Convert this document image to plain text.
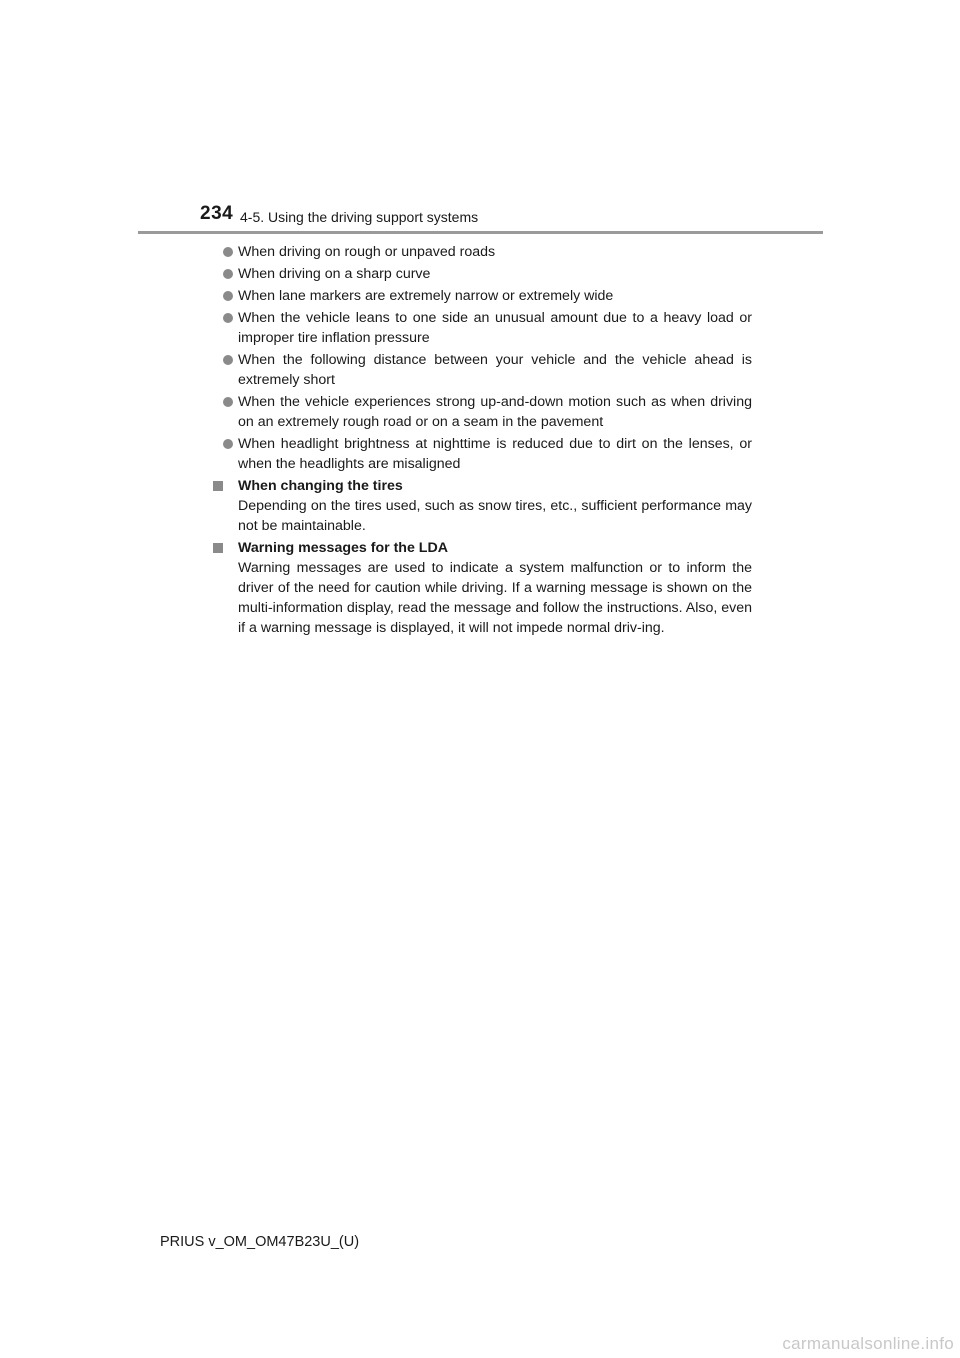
234 4-5. Using the driving support systems
When driving on rough or unpaved roads
When driving on a sharp curve
When lane markers are extremely narrow or extremely wide
When the vehicle leans to one side an unusual amount due to a heavy load or improper tire inflation pressure
When the following distance between your vehicle and the vehicle ahead is extremely short
When the vehicle experiences strong up-and-down motion such as when driving on an extremely rough road or on a seam in the pavement
When headlight brightness at nighttime is reduced due to dirt on the lenses, or when the headlights are misaligned
When changing the tires
Depending on the tires used, such as snow tires, etc., sufficient performance may not be maintainable.
Warning messages for the LDA
Warning messages are used to indicate a system malfunction or to inform the driver of the need for caution while driving. If a warning message is shown on the multi-information display, read the message and follow the instructions. Also, even if a warning message is displayed, it will not impede normal driv-ing.
PRIUS v_OM_OM47B23U_(U)
carmanualsonline.info
